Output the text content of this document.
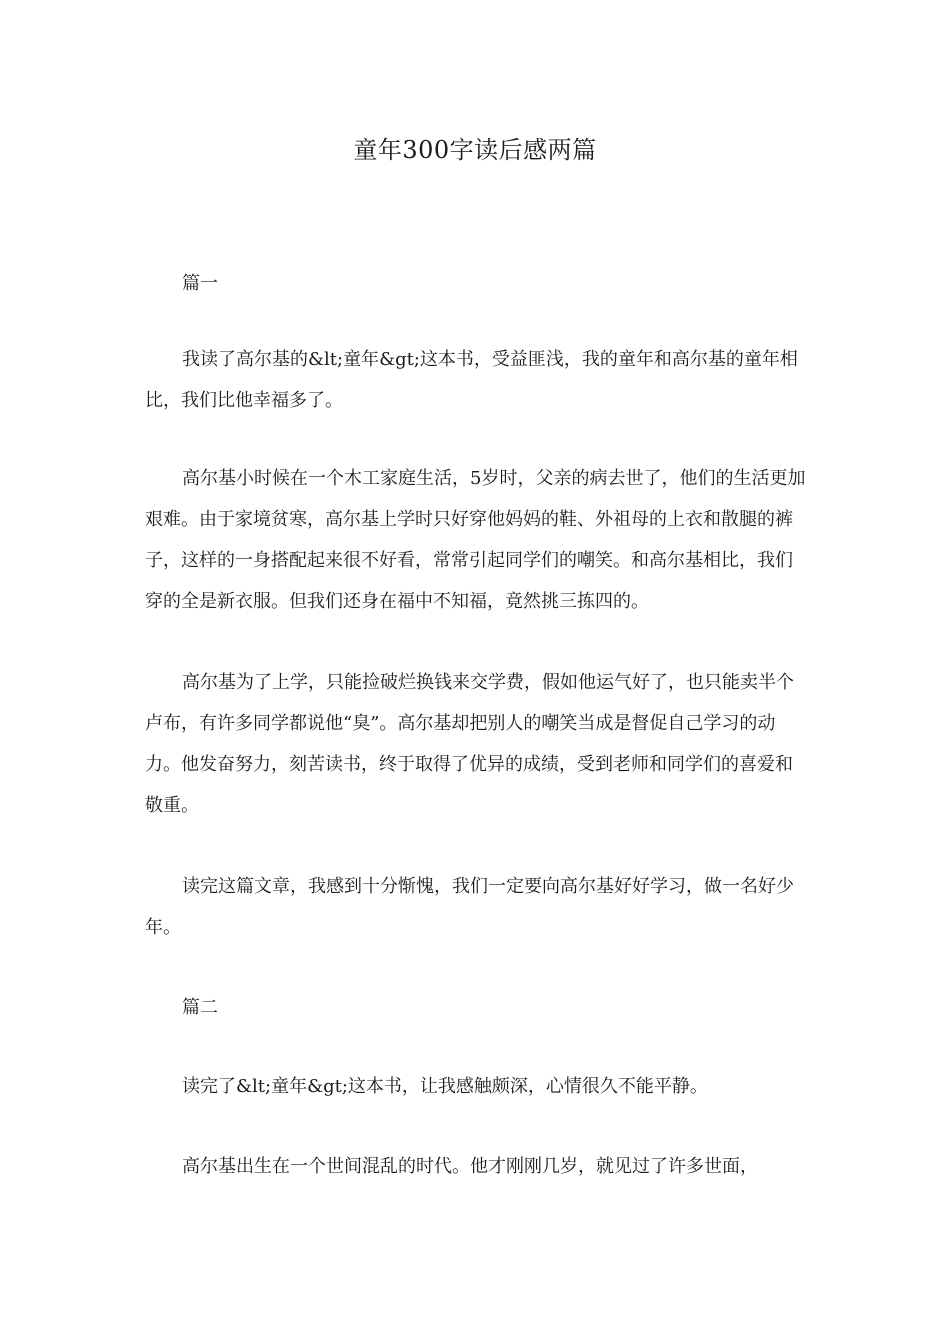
童年300字读后感两篇
篇一

我读了高尔基的&lt;童年&gt;这本书，受益匪浅，我的童年和高尔基的童年相比，我们比他幸福多了。

高尔基小时候在一个木工家庭生活，5岁时，父亲的病去世了，他们的生活更加艰难。由于家境贫寒，高尔基上学时只好穿他妈妈的鞋、外祖母的上衣和散腿的裤子，这样的一身搭配起来很不好看，常常引起同学们的嘲笑。和高尔基相比，我们穿的全是新衣服。但我们还身在福中不知福，竟然挑三拣四的。

高尔基为了上学，只能捡破烂换钱来交学费，假如他运气好了，也只能卖半个卢布，有许多同学都说他“臭”。高尔基却把别人的嘲笑当成是督促自己学习的动力。他发奋努力，刻苦读书，终于取得了优异的成绩，受到老师和同学们的喜爱和敬重。

读完这篇文章，我感到十分惭愧，我们一定要向高尔基好好学习，做一名好少年。

篇二

读完了&lt;童年&gt;这本书，让我感触颇深，心情很久不能平静。

高尔基出生在一个世间混乱的时代。他才刚刚几岁，就见过了许多世面，
